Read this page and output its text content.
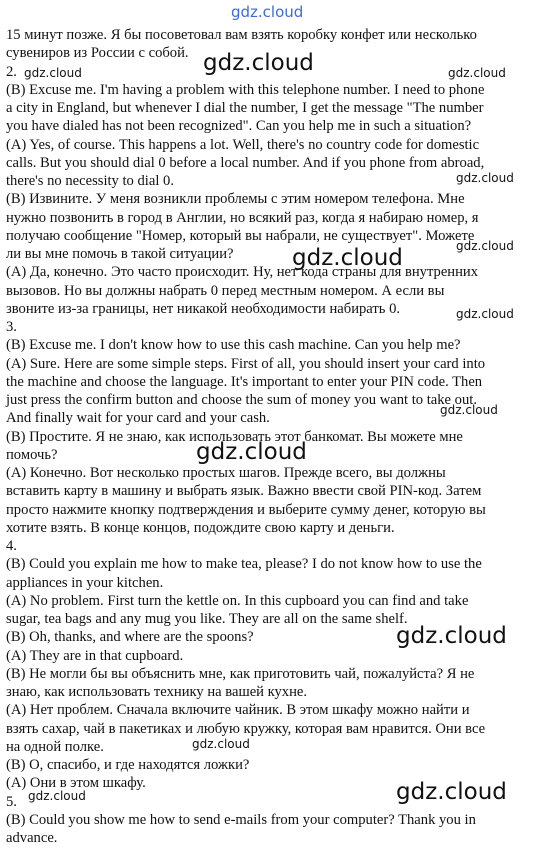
15 минут позже. Я бы посоветовал вам взять коробку конфет или несколько
сувениров из России с собой.
2.
(B) Excuse me. I'm having a problem with this telephone number. I need to phone
a city in England, but whenever I dial the number, I get the message "The number
you have dialed has not been recognized". Can you help me in such a situation?
(A) Yes, of course. This happens a lot. Well, there's no country code for domestic
calls. But you should dial 0 before a local number. And if you phone from abroad,
there's no necessity to dial 0.
(B) Извините. У меня возникли проблемы с этим номером телефона. Мне
нужно позвонить в город в Англии, но всякий раз, когда я набираю номер, я
получаю сообщение "Номер, который вы набрали, не существует". Можете
ли вы мне помочь в такой ситуации?
(A) Да, конечно. Это часто происходит. Ну, нет кода страны для внутренних
вызовов. Но вы должны набрать 0 перед местным номером. А если вы
звоните из-за границы, нет никакой необходимости набирать 0.
3.
(B) Excuse me. I don't know how to use this cash machine. Can you help me?
(A) Sure. Here are some simple steps. First of all, you should insert your card into
the machine and choose the language. It's important to enter your PIN code. Then
just press the confirm button and choose the sum of money you want to take out.
And finally wait for your card and your cash.
(B) Простите. Я не знаю, как использовать этот банкомат. Вы можете мне
помочь?
(A) Конечно. Вот несколько простых шагов. Прежде всего, вы должны
вставить карту в машину и выбрать язык. Важно ввести свой PIN-код. Затем
просто нажмите кнопку подтверждения и выберите сумму денег, которую вы
хотите взять. В конце концов, подождите свою карту и деньги.
4.
(B) Could you explain me how to make tea, please? I do not know how to use the
appliances in your kitchen.
(A) No problem. First turn the kettle on. In this cupboard you can find and take
sugar, tea bags and any mug you like. They are all on the same shelf.
(B) Oh, thanks, and where are the spoons?
(A) They are in that cupboard.
(B) Не могли бы вы объяснить мне, как приготовить чай, пожалуйста? Я не
знаю, как использовать технику на вашей кухне.
(A) Нет проблем. Сначала включите чайник. В этом шкафу можно найти и
взять сахар, чай в пакетиках и любую кружку, которая вам нравится. Они все
на одной полке.
(B) О, спасибо, и где находятся ложки?
(A) Они в этом шкафу.
5.
(B) Could you show me how to send e-mails from your computer? Thank you in
advance.
gdz.cloud
gdz.cloud
gdz.cloud	gdz.cloud
gdz.cloud
gdz.cloud
gdz.cloud
gdz.cloud
gdz.cloud
gdz.cloud
gdz.cloud
gdz.cloud
gdz.cloud
gdz.cloud
